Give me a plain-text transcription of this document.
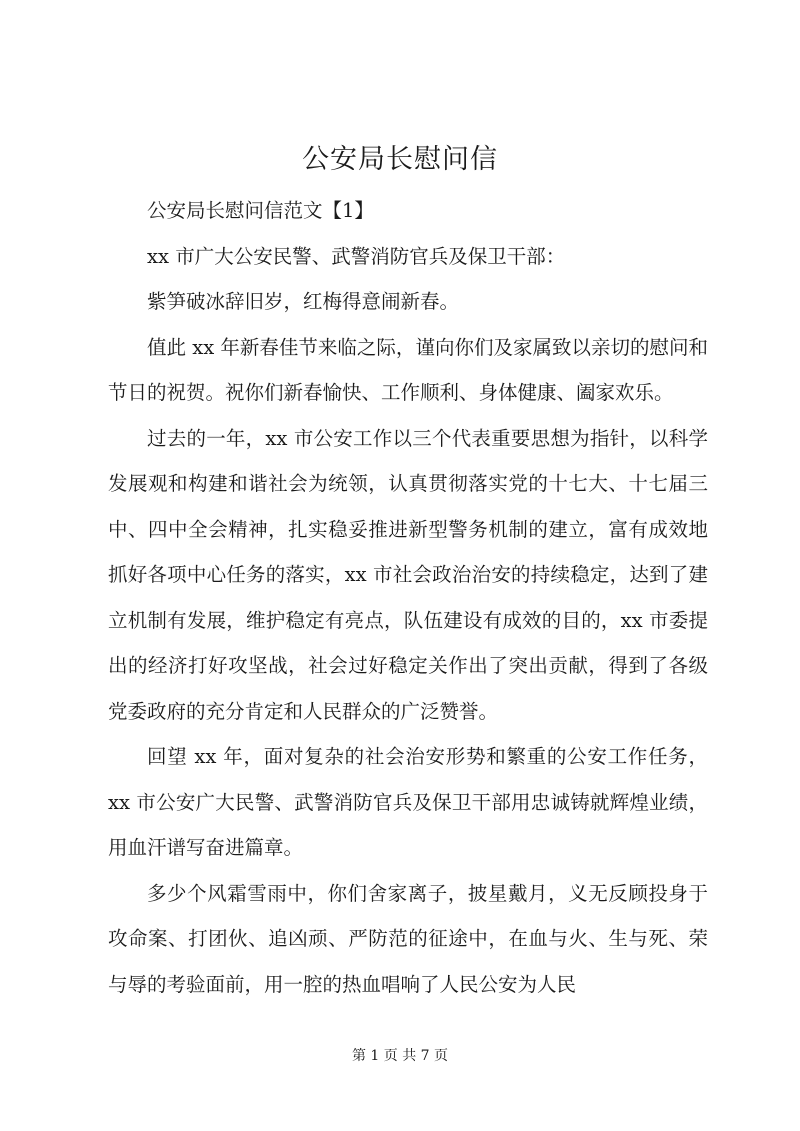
公安局长慰问信

公安局长慰问信范文【1】

xx 市广大公安民警、武警消防官兵及保卫干部：

紫笋破冰辞旧岁，红梅得意闹新春。

值此 xx 年新春佳节来临之际，谨向你们及家属致以亲切的慰问和节日的祝贺。祝你们新春愉快、工作顺利、身体健康、阖家欢乐。

过去的一年，xx 市公安工作以三个代表重要思想为指针，以科学发展观和构建和谐社会为统领，认真贯彻落实党的十七大、十七届三中、四中全会精神，扎实稳妥推进新型警务机制的建立，富有成效地抓好各项中心任务的落实，xx 市社会政治治安的持续稳定，达到了建立机制有发展，维护稳定有亮点，队伍建设有成效的目的，xx 市委提出的经济打好攻坚战，社会过好稳定关作出了突出贡献，得到了各级党委政府的充分肯定和人民群众的广泛赞誉。

回望 xx 年，面对复杂的社会治安形势和繁重的公安工作任务，xx 市公安广大民警、武警消防官兵及保卫干部用忠诚铸就辉煌业绩，用血汗谱写奋进篇章。

多少个风霜雪雨中，你们舍家离子，披星戴月，义无反顾投身于攻命案、打团伙、追凶顽、严防范的征途中，在血与火、生与死、荣与辱的考验面前，用一腔的热血唱响了人民公安为人民

第 1 页 共 7 页
